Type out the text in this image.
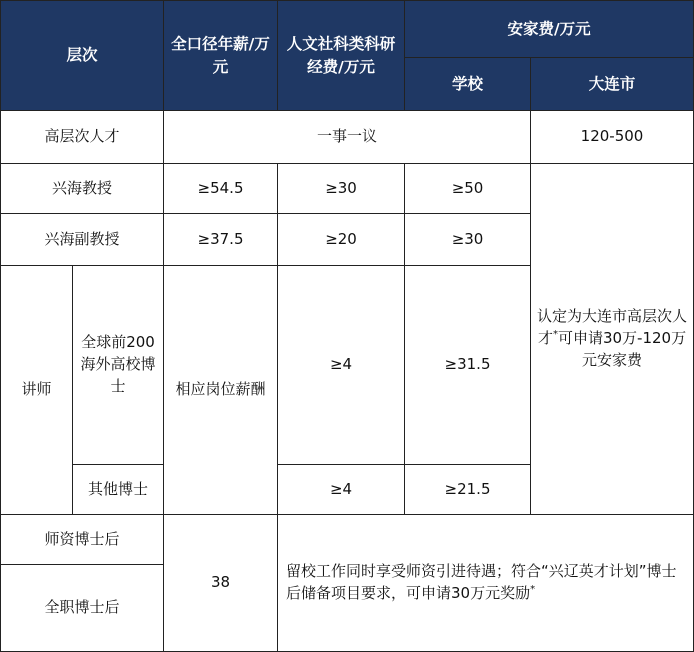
层次		全口径年薪/万元	人文社科类科研经费/万元	安家费/万元	
				学校	大连市
高层次人才		一事一议			120-500
兴海教授		≥54.5	≥30	≥50	认定为大连市高层次人才*可申请30万-120万元安家费
兴海副教授		≥37.5	≥20	≥30	
讲师	全球前200海外高校博士	相应岗位薪酬	≥4	≥31.5	
	其他博士		≥4	≥21.5	
师资博士后		38	留校工作同时享受师资引进待遇；符合“兴辽英才计划”博士后储备项目要求，可申请30万元奖励*
全职博士后					
